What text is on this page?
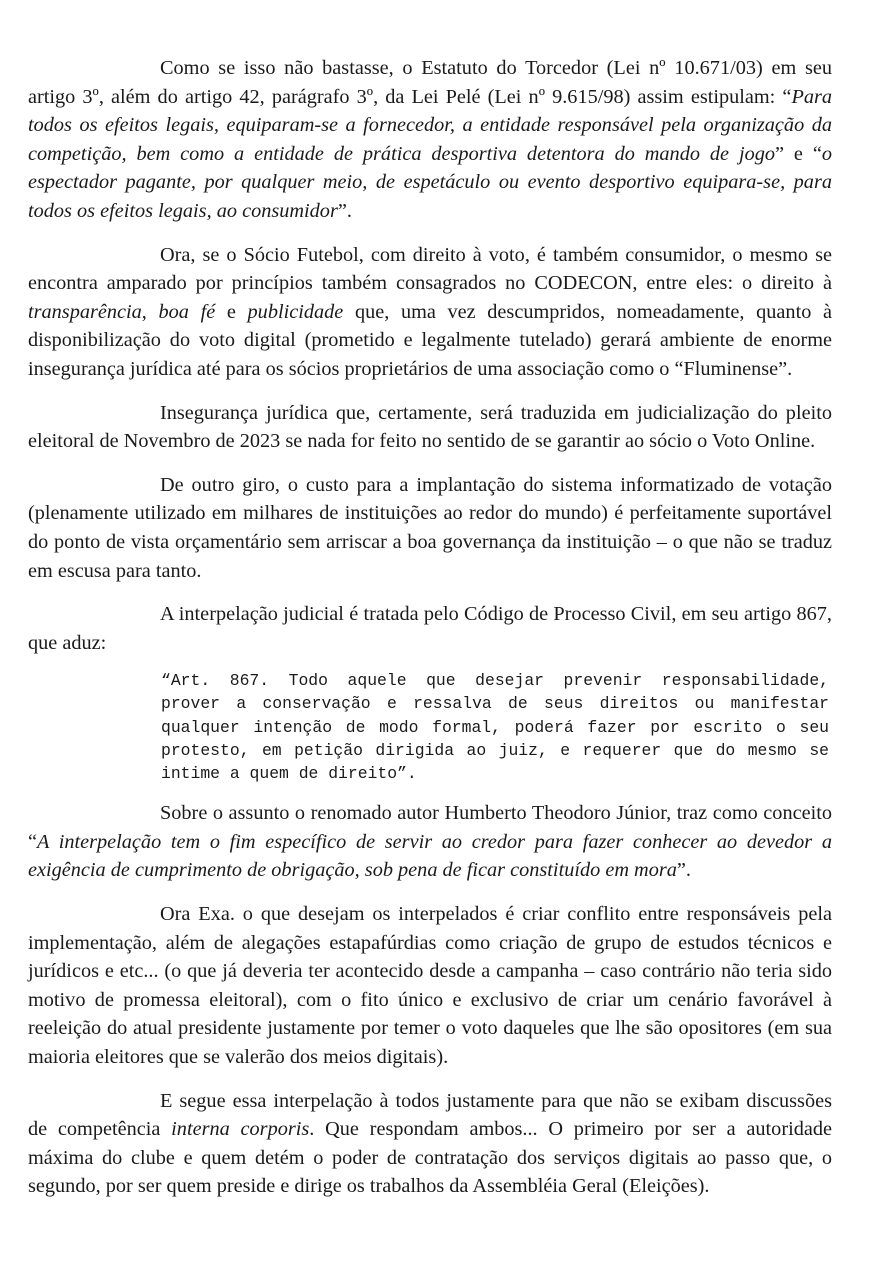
Como se isso não bastasse, o Estatuto do Torcedor (Lei nº 10.671/03) em seu artigo 3º, além do artigo 42, parágrafo 3º, da Lei Pelé (Lei nº 9.615/98) assim estipulam: “Para todos os efeitos legais, equiparam-se a fornecedor, a entidade responsável pela organização da competição, bem como a entidade de prática desportiva detentora do mando de jogo” e “o espectador pagante, por qualquer meio, de espetáculo ou evento desportivo equipara-se, para todos os efeitos legais, ao consumidor”.

Ora, se o Sócio Futebol, com direito à voto, é também consumidor, o mesmo se encontra amparado por princípios também consagrados no CODECON, entre eles: o direito à transparência, boa fé e publicidade que, uma vez descumpridos, nomeadamente, quanto à disponibilização do voto digital (prometido e legalmente tutelado) gerará ambiente de enorme insegurança jurídica até para os sócios proprietários de uma associação como o “Fluminense”.

Insegurança jurídica que, certamente, será traduzida em judicialização do pleito eleitoral de Novembro de 2023 se nada for feito no sentido de se garantir ao sócio o Voto Online.

De outro giro, o custo para a implantação do sistema informatizado de votação (plenamente utilizado em milhares de instituições ao redor do mundo) é perfeitamente suportável do ponto de vista orçamentário sem arriscar a boa governança da instituição – o que não se traduz em escusa para tanto.

A interpelação judicial é tratada pelo Código de Processo Civil, em seu artigo 867, que aduz:

“Art. 867. Todo aquele que desejar prevenir responsabilidade, prover a conservação e ressalva de seus direitos ou manifestar qualquer intenção de modo formal, poderá fazer por escrito o seu protesto, em petição dirigida ao juiz, e requerer que do mesmo se intime a quem de direito”.

Sobre o assunto o renomado autor Humberto Theodoro Júnior, traz como conceito “A interpelação tem o fim específico de servir ao credor para fazer conhecer ao devedor a exigência de cumprimento de obrigação, sob pena de ficar constituído em mora”.

Ora Exa. o que desejam os interpelados é criar conflito entre responsáveis pela implementação, além de alegações estapafúrdias como criação de grupo de estudos técnicos e jurídicos e etc... (o que já deveria ter acontecido desde a campanha – caso contrário não teria sido motivo de promessa eleitoral), com o fito único e exclusivo de criar um cenário favorável à reeleição do atual presidente justamente por temer o voto daqueles que lhe são opositores (em sua maioria eleitores que se valerão dos meios digitais).

E segue essa interpelação à todos justamente para que não se exibam discussões de competência interna corporis. Que respondam ambos... O primeiro por ser a autoridade máxima do clube e quem detém o poder de contratação dos serviços digitais ao passo que, o segundo, por ser quem preside e dirige os trabalhos da Assembléia Geral (Eleições).
